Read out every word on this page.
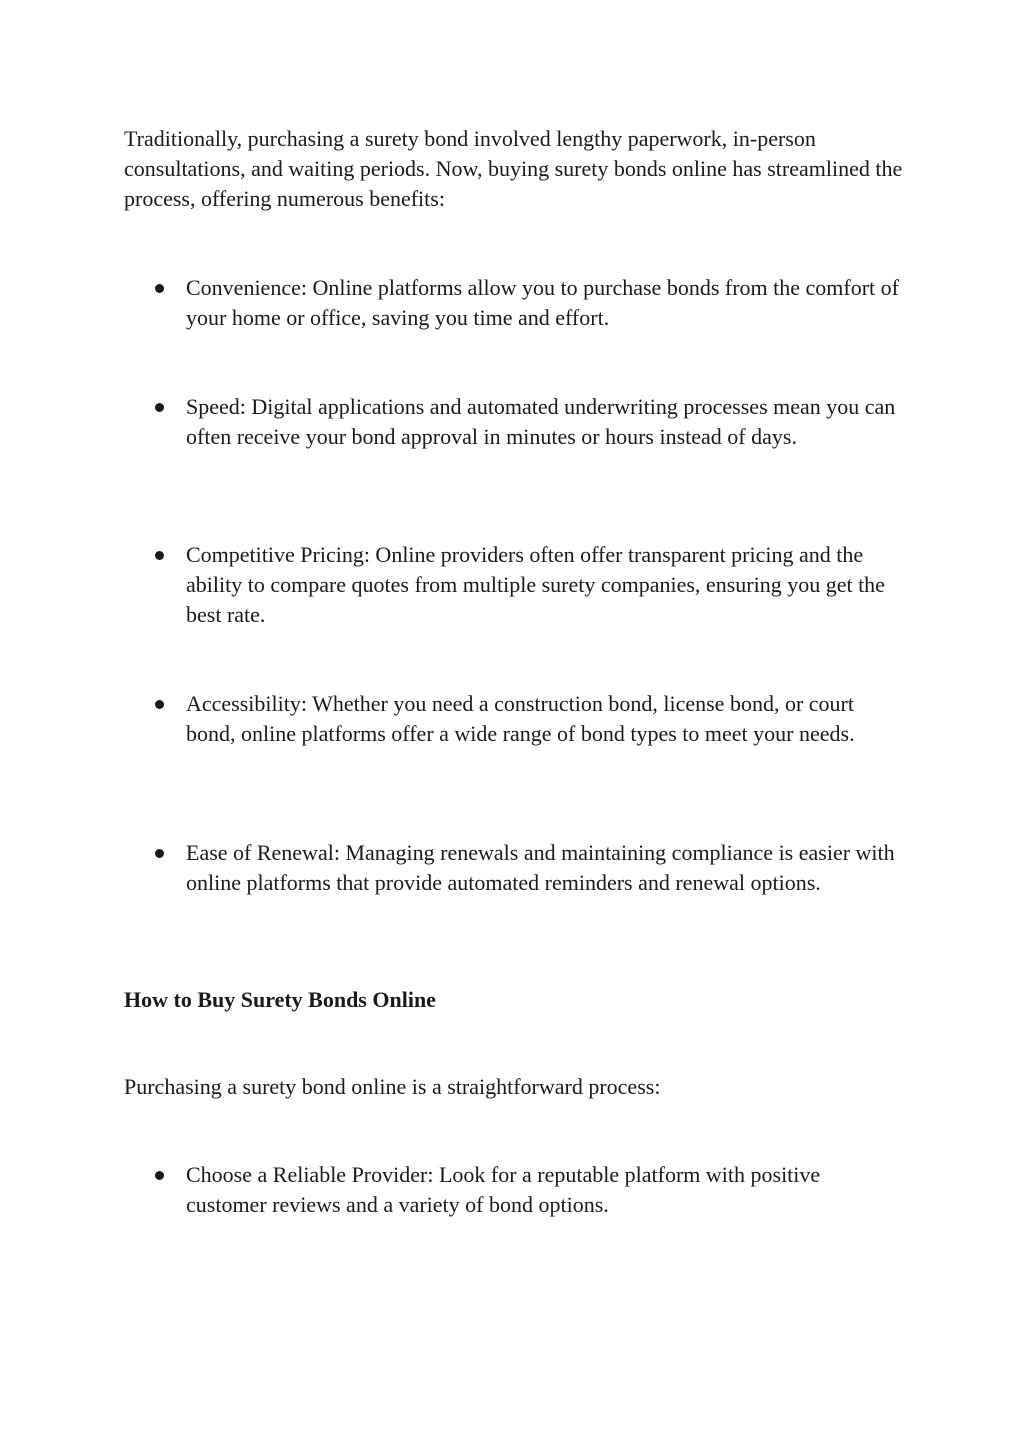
Traditionally, purchasing a surety bond involved lengthy paperwork, in-person consultations, and waiting periods. Now, buying surety bonds online has streamlined the process, offering numerous benefits:

Convenience: Online platforms allow you to purchase bonds from the comfort of your home or office, saving you time and effort.

Speed: Digital applications and automated underwriting processes mean you can often receive your bond approval in minutes or hours instead of days.

Competitive Pricing: Online providers often offer transparent pricing and the ability to compare quotes from multiple surety companies, ensuring you get the best rate.

Accessibility: Whether you need a construction bond, license bond, or court bond, online platforms offer a wide range of bond types to meet your needs.

Ease of Renewal: Managing renewals and maintaining compliance is easier with online platforms that provide automated reminders and renewal options.

How to Buy Surety Bonds Online

Purchasing a surety bond online is a straightforward process:

Choose a Reliable Provider: Look for a reputable platform with positive customer reviews and a variety of bond options.
